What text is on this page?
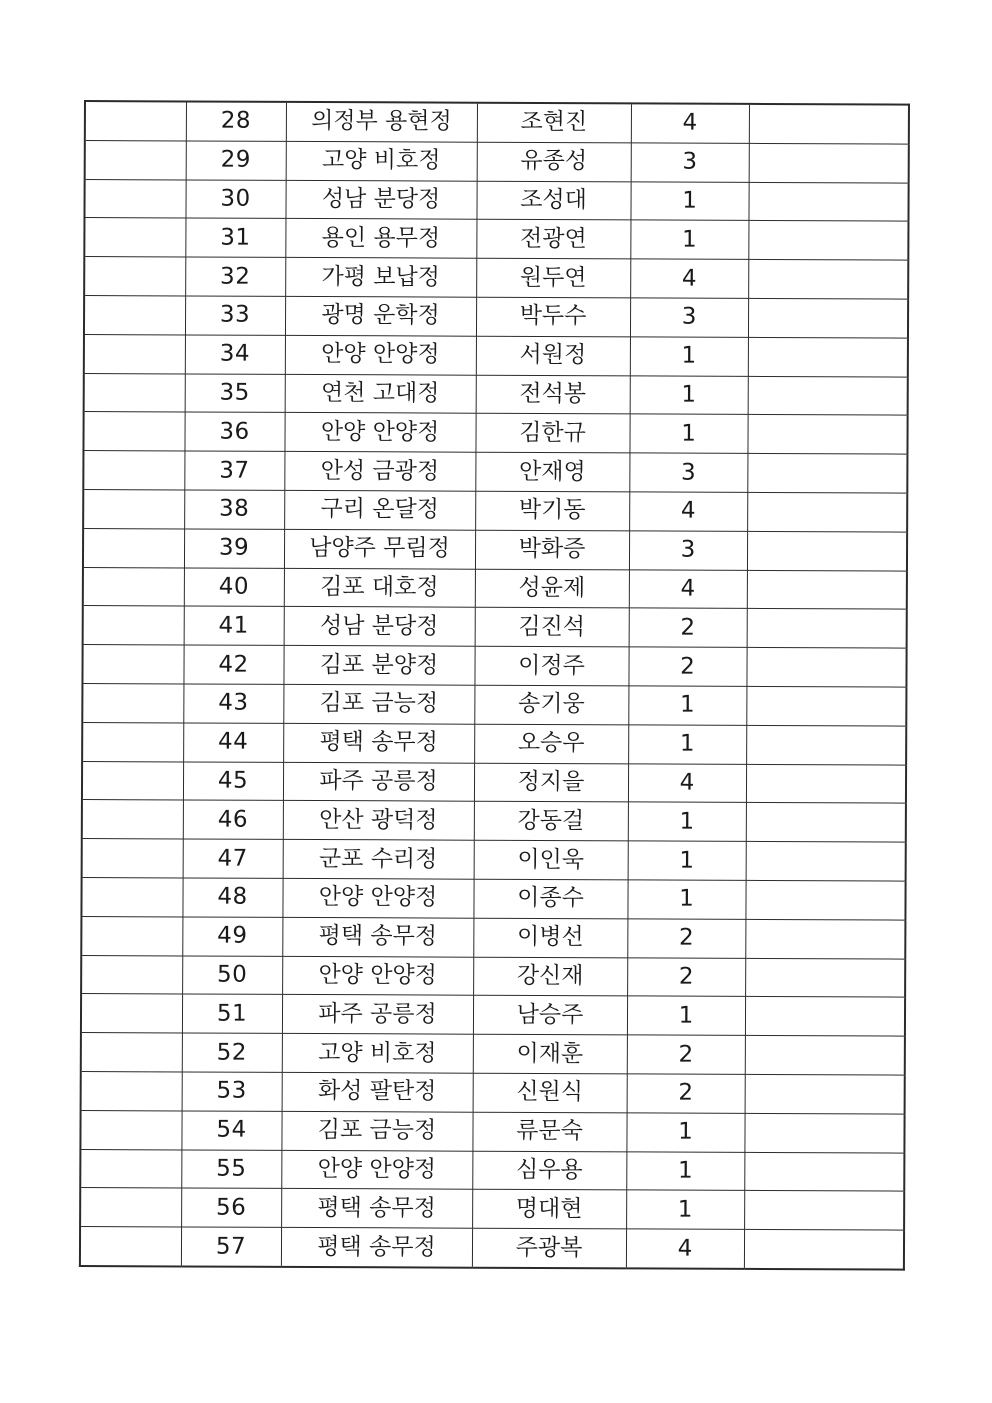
	28	의정부 용현정	조현진	4	
	29	고양 비호정	유종성	3	
	30	성남 분당정	조성대	1	
	31	용인 용무정	전광연	1	
	32	가평 보납정	원두연	4	
	33	광명 운학정	박두수	3	
	34	안양 안양정	서원정	1	
	35	연천 고대정	전석봉	1	
	36	안양 안양정	김한규	1	
	37	안성 금광정	안재영	3	
	38	구리 온달정	박기동	4	
	39	남양주 무림정	박화증	3	
	40	김포 대호정	성윤제	4	
	41	성남 분당정	김진석	2	
	42	김포 분양정	이정주	2	
	43	김포 금능정	송기웅	1	
	44	평택 송무정	오승우	1	
	45	파주 공릉정	정지을	4	
	46	안산 광덕정	강동걸	1	
	47	군포 수리정	이인욱	1	
	48	안양 안양정	이종수	1	
	49	평택 송무정	이병선	2	
	50	안양 안양정	강신재	2	
	51	파주 공릉정	남승주	1	
	52	고양 비호정	이재훈	2	
	53	화성 팔탄정	신원식	2	
	54	김포 금능정	류문숙	1	
	55	안양 안양정	심우용	1	
	56	평택 송무정	명대현	1	
	57	평택 송무정	주광복	4	
